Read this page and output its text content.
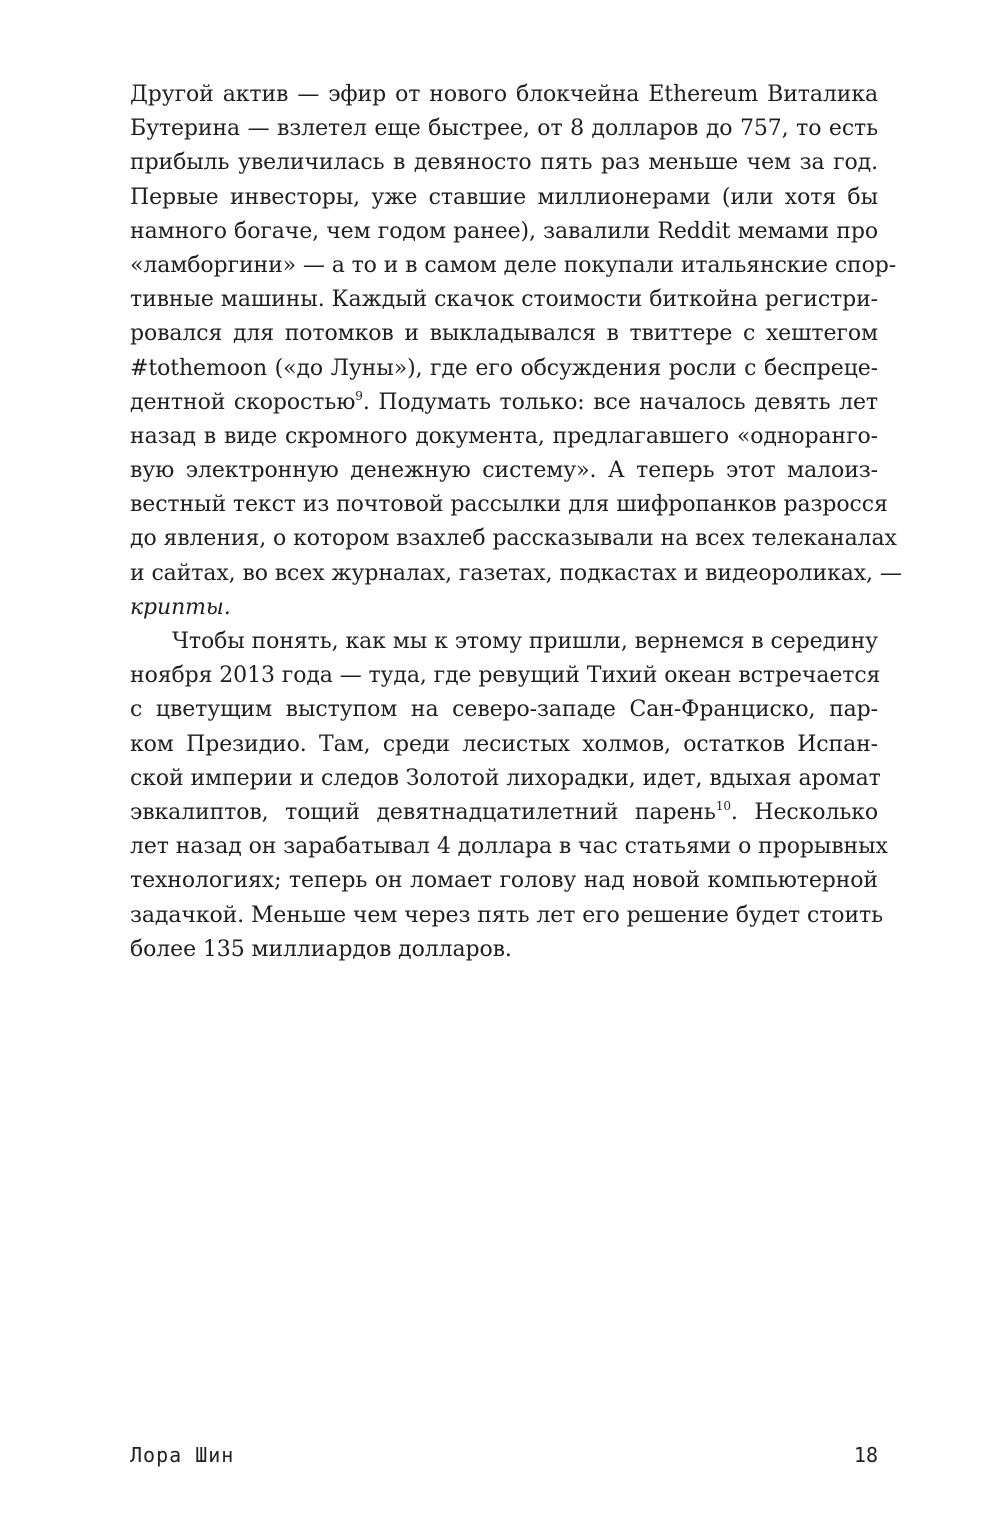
Другой актив — эфир от нового блокчейна Ethereum Виталика
Бутерина — взлетел еще быстрее, от 8 долларов до 757, то есть
прибыль увеличилась в девяносто пять раз меньше чем за год.
Первые инвесторы, уже ставшие миллионерами (или хотя бы
намного богаче, чем годом ранее), завалили Reddit мемами про
«ламборгини» — а то и в самом деле покупали итальянские спор-
тивные машины. Каждый скачок стоимости биткойна регистри-
ровался для потомков и выкладывался в твиттере с хештегом
#tothemoon («до Луны»), где его обсуждения росли с беспреце-
дентной скоростью$^9$. Подумать только: все началось девять лет
назад в виде скромного документа, предлагавшего «одноранго-
вую электронную денежную систему». А теперь этот малоиз-
вестный текст из почтовой рассылки для шифропанков разросся
до явления, о котором взахлеб рассказывали на всех телеканалах
и сайтах, во всех журналах, газетах, подкастах и видеороликах, —
крипты.
Чтобы понять, как мы к этому пришли, вернемся в середину
ноября 2013 года — туда, где ревущий Тихий океан встречается
с цветущим выступом на северо-западе Сан-Франциско, пар-
ком Президио. Там, среди лесистых холмов, остатков Испан-
ской империи и следов Золотой лихорадки, идет, вдыхая аромат
эвкалиптов, тощий девятнадцатилетний парень$^{10}$. Несколько
лет назад он зарабатывал 4 доллара в час статьями о прорывных
технологиях; теперь он ломает голову над новой компьютерной
задачкой. Меньше чем через пять лет его решение будет стоить
более 135 миллиардов долларов.
Лора Шин	18
